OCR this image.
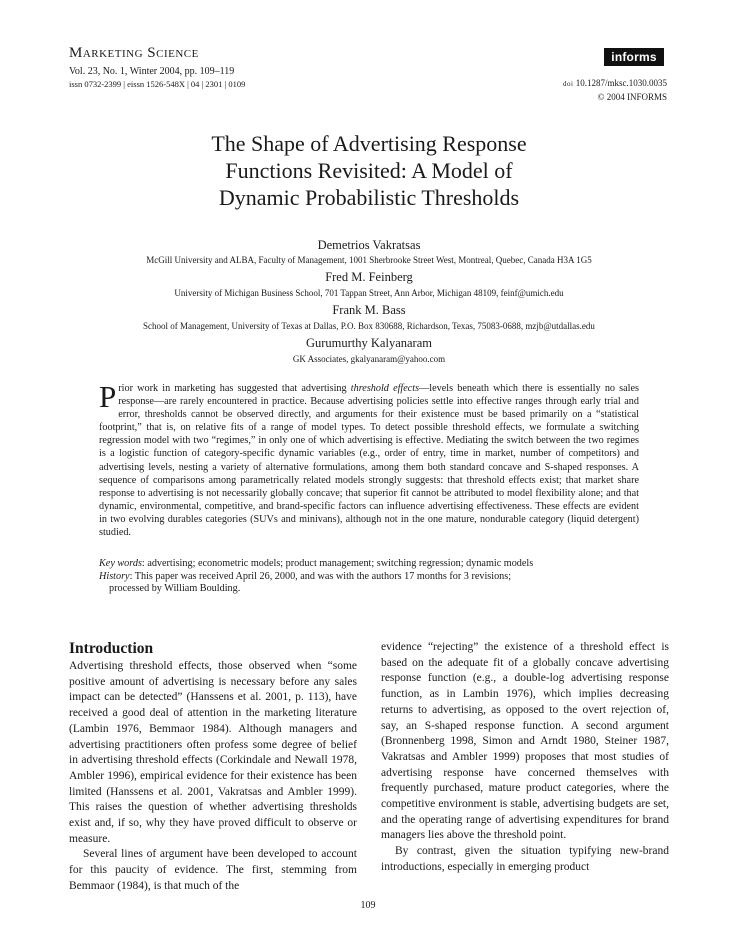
Marketing Science
Vol. 23, No. 1, Winter 2004, pp. 109–119
issn 0732-2399 | eissn 1526-548X | 04 | 2301 | 0109
informs
doi 10.1287/mksc.1030.0035
© 2004 INFORMS
The Shape of Advertising Response
Functions Revisited: A Model of
Dynamic Probabilistic Thresholds
Demetrios Vakratsas
McGill University and ALBA, Faculty of Management, 1001 Sherbrooke Street West, Montreal, Quebec, Canada H3A 1G5
Fred M. Feinberg
University of Michigan Business School, 701 Tappan Street, Ann Arbor, Michigan 48109, feinf@umich.edu
Frank M. Bass
School of Management, University of Texas at Dallas, P.O. Box 830688, Richardson, Texas, 75083-0688, mzjb@utdallas.edu
Gurumurthy Kalyanaram
GK Associates, gkalyanaram@yahoo.com
Prior work in marketing has suggested that advertising threshold effects—levels beneath which there is essentially no sales response—are rarely encountered in practice. Because advertising policies settle into effective ranges through early trial and error, thresholds cannot be observed directly, and arguments for their existence must be based primarily on a “statistical footprint,” that is, on relative fits of a range of model types. To detect possible threshold effects, we formulate a switching regression model with two “regimes,” in only one of which advertising is effective. Mediating the switch between the two regimes is a logistic function of category-specific dynamic variables (e.g., order of entry, time in market, number of competitors) and advertising levels, nesting a variety of alternative formulations, among them both standard concave and S-shaped responses. A sequence of comparisons among parametrically related models strongly suggests: that threshold effects exist; that market share response to advertising is not necessarily globally concave; that superior fit cannot be attributed to model flexibility alone; and that dynamic, environmental, competitive, and brand-specific factors can influence advertising effectiveness. These effects are evident in two evolving durables categories (SUVs and minivans), although not in the one mature, nondurable category (liquid detergent) studied.
Key words: advertising; econometric models; product management; switching regression; dynamic models
History: This paper was received April 26, 2000, and was with the authors 17 months for 3 revisions;
processed by William Boulding.
Introduction

Advertising threshold effects, those observed when “some positive amount of advertising is necessary before any sales impact can be detected” (Hanssens et al. 2001, p. 113), have received a good deal of attention in the marketing literature (Lambin 1976, Bemmaor 1984). Although managers and advertising practitioners often profess some degree of belief in advertising threshold effects (Corkindale and Newall 1978, Ambler 1996), empirical evidence for their existence has been limited (Hanssens et al. 2001, Vakratsas and Ambler 1999). This raises the question of whether advertising thresholds exist and, if so, why they have proved difficult to observe or measure.

Several lines of argument have been developed to account for this paucity of evidence. The first, stemming from Bemmaor (1984), is that much of the

evidence “rejecting” the existence of a threshold effect is based on the adequate fit of a globally concave advertising response function (e.g., a double-log advertising response function, as in Lambin 1976), which implies decreasing returns to advertising, as opposed to the overt rejection of, say, an S-shaped response function. A second argument (Bronnenberg 1998, Simon and Arndt 1980, Steiner 1987, Vakratsas and Ambler 1999) proposes that most studies of advertising response have concerned themselves with frequently purchased, mature product categories, where the competitive environment is stable, advertising budgets are set, and the operating range of advertising expenditures for brand managers lies above the threshold point.

By contrast, given the situation typifying new-brand introductions, especially in emerging product

109
